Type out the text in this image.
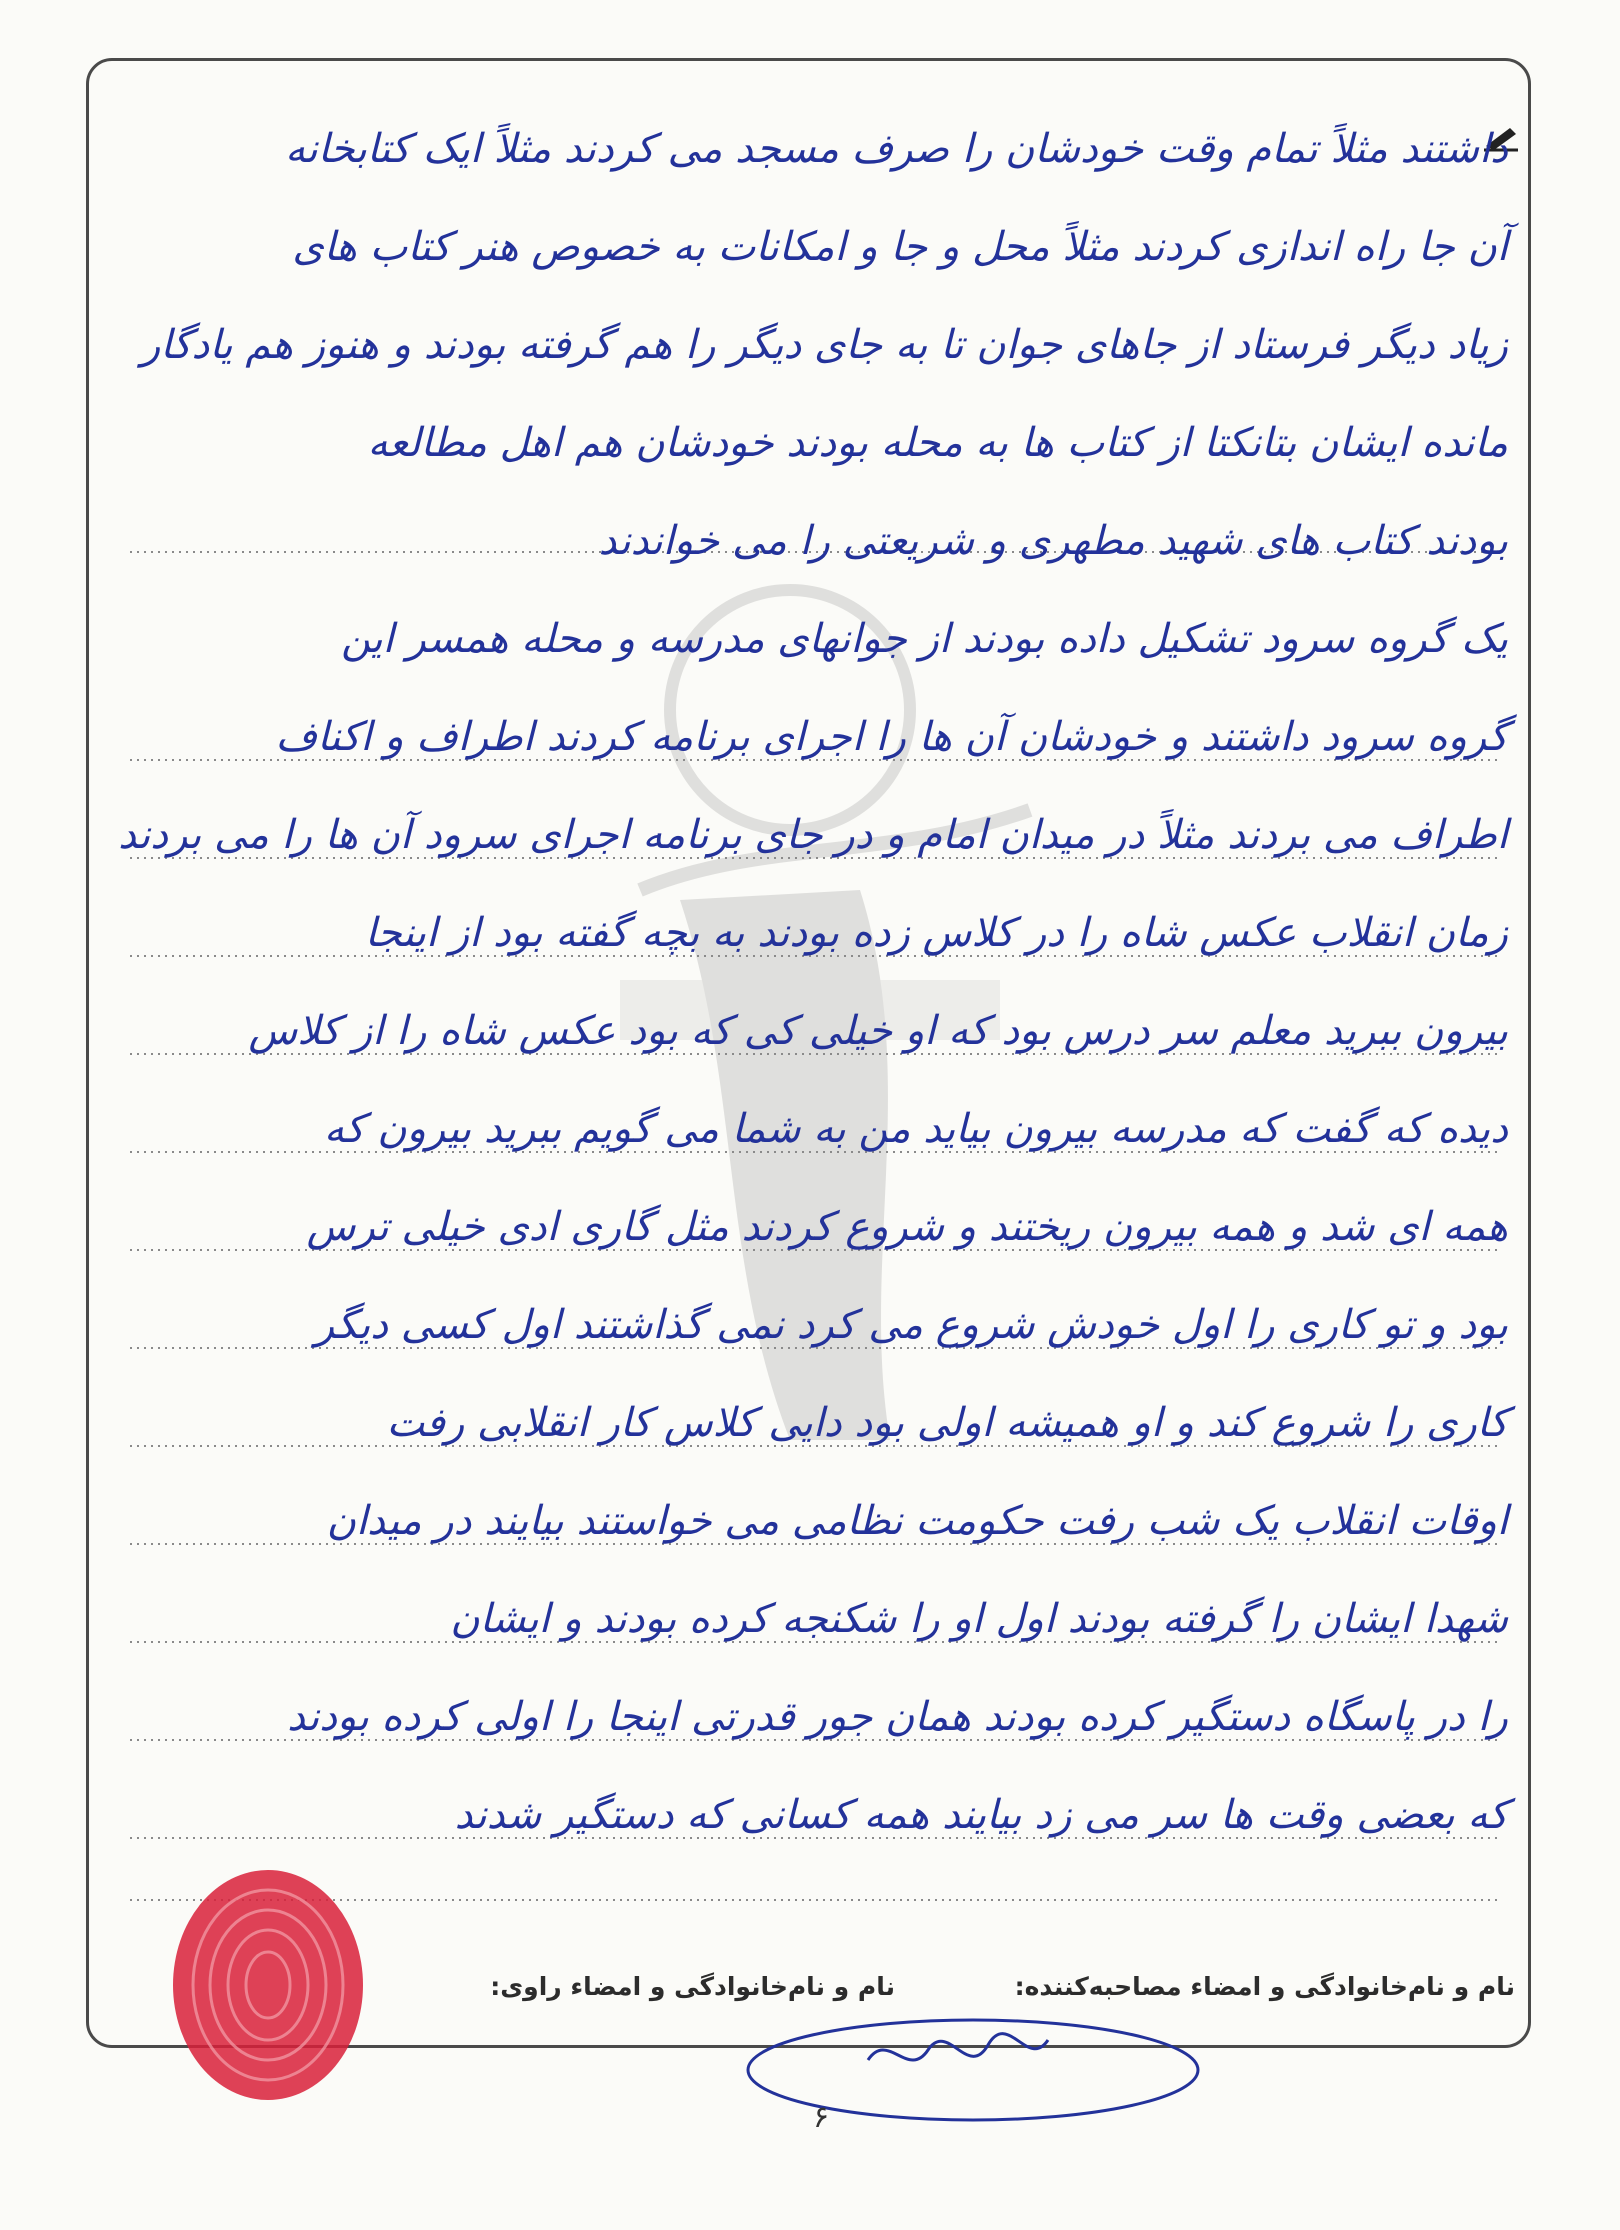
داشتند مثلاً تمام وقت خودشان را صرف مسجد می کردند مثلاً ایک کتابخانه
آن جا راه اندازی کردند مثلاً محل و جا و امکانات به خصوص هنر کتاب های
زیاد دیگر فرستاد از جاهای جوان تا به جای دیگر را هم گرفته بودند و هنوز هم یادگار
مانده ایشان بتانکتا از کتاب ها به محله بودند خودشان هم اهل مطالعه
بودند کتاب های شهید مطهری و شریعتی را می خواندند
یک گروه سرود تشکیل داده بودند از جوانهای مدرسه و محله همسر این
گروه سرود داشتند و خودشان آن ها را اجرای برنامه کردند اطراف و اکناف
اطراف می بردند مثلاً در میدان امام و در جای برنامه اجرای سرود آن ها را می بردند
زمان انقلاب عکس شاه را در کلاس زده بودند به بچه گفته بود از اینجا
بیرون ببرید معلم سر درس بود که او خیلی کی که بود عکس شاه را از کلاس
دیده که گفت که مدرسه بیرون بیاید من به شما می گویم ببرید بیرون که
همه ای شد و همه بیرون ریختند و شروع کردند مثل گاری ادی خیلی ترس
بود و تو کاری را اول خودش شروع می کرد نمی گذاشتند اول کسی دیگر
کاری را شروع کند و او همیشه اولی بود دایی کلاس کار انقلابی رفت
اوقات انقلاب یک شب رفت حکومت نظامی می خواستند بیایند در میدان
شهدا ایشان را گرفته بودند اول او را شکنجه کرده بودند و ایشان
را در پاسگاه دستگیر کرده بودند همان جور قدرتی اینجا را اولی کرده بودند
که بعضی وقت ها سر می زد بیایند همه کسانی که دستگیر شدند
نام و نام‌خانوادگی و امضاء مصاحبه‌کننده:
نام و نام‌خانوادگی و امضاء راوی:
۶
